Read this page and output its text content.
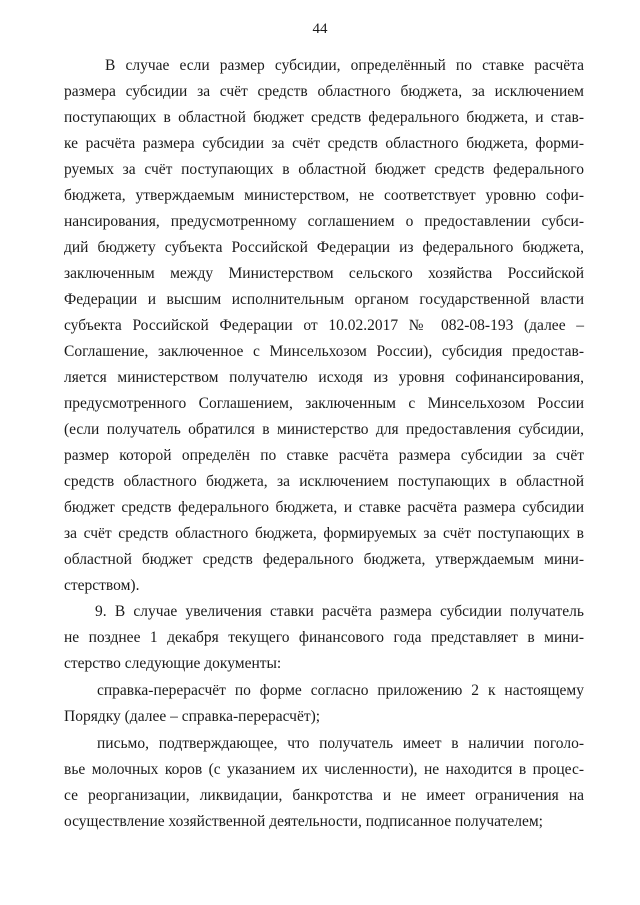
44
В случае если размер субсидии, определённый по ставке расчёта
размера субсидии за счёт средств областного бюджета, за исключением
поступающих в областной бюджет средств федерального бюджета, и став-
ке расчёта размера субсидии за счёт средств областного бюджета, форми-
руемых за счёт поступающих в областной бюджет средств федерального
бюджета, утверждаемым министерством, не соответствует уровню софи-
нансирования, предусмотренному соглашением о предоставлении субси-
дий бюджету субъекта Российской Федерации из федерального бюджета,
заключенным между Министерством сельского хозяйства Российской
Федерации и высшим исполнительным органом государственной власти
субъекта Российской Федерации от 10.02.2017 № 082-08-193 (далее –
Соглашение, заключенное с Минсельхозом России), субсидия предостав-
ляется министерством получателю исходя из уровня софинансирования,
предусмотренного Соглашением, заключенным с Минсельхозом России
(если получатель обратился в министерство для предоставления субсидии,
размер которой определён по ставке расчёта размера субсидии за счёт
средств областного бюджета, за исключением поступающих в областной
бюджет средств федерального бюджета, и ставке расчёта размера субсидии
за счёт средств областного бюджета, формируемых за счёт поступающих в
областной бюджет средств федерального бюджета, утверждаемым мини-
стерством).
9. В случае увеличения ставки расчёта размера субсидии получатель
не позднее 1 декабря текущего финансового года представляет в мини-
стерство следующие документы:
справка-перерасчёт по форме согласно приложению 2 к настоящему
Порядку (далее – справка-перерасчёт);
письмо, подтверждающее, что получатель имеет в наличии поголо-
вье молочных коров (с указанием их численности), не находится в процес-
се реорганизации, ликвидации, банкротства и не имеет ограничения на
осуществление хозяйственной деятельности, подписанное получателем;
